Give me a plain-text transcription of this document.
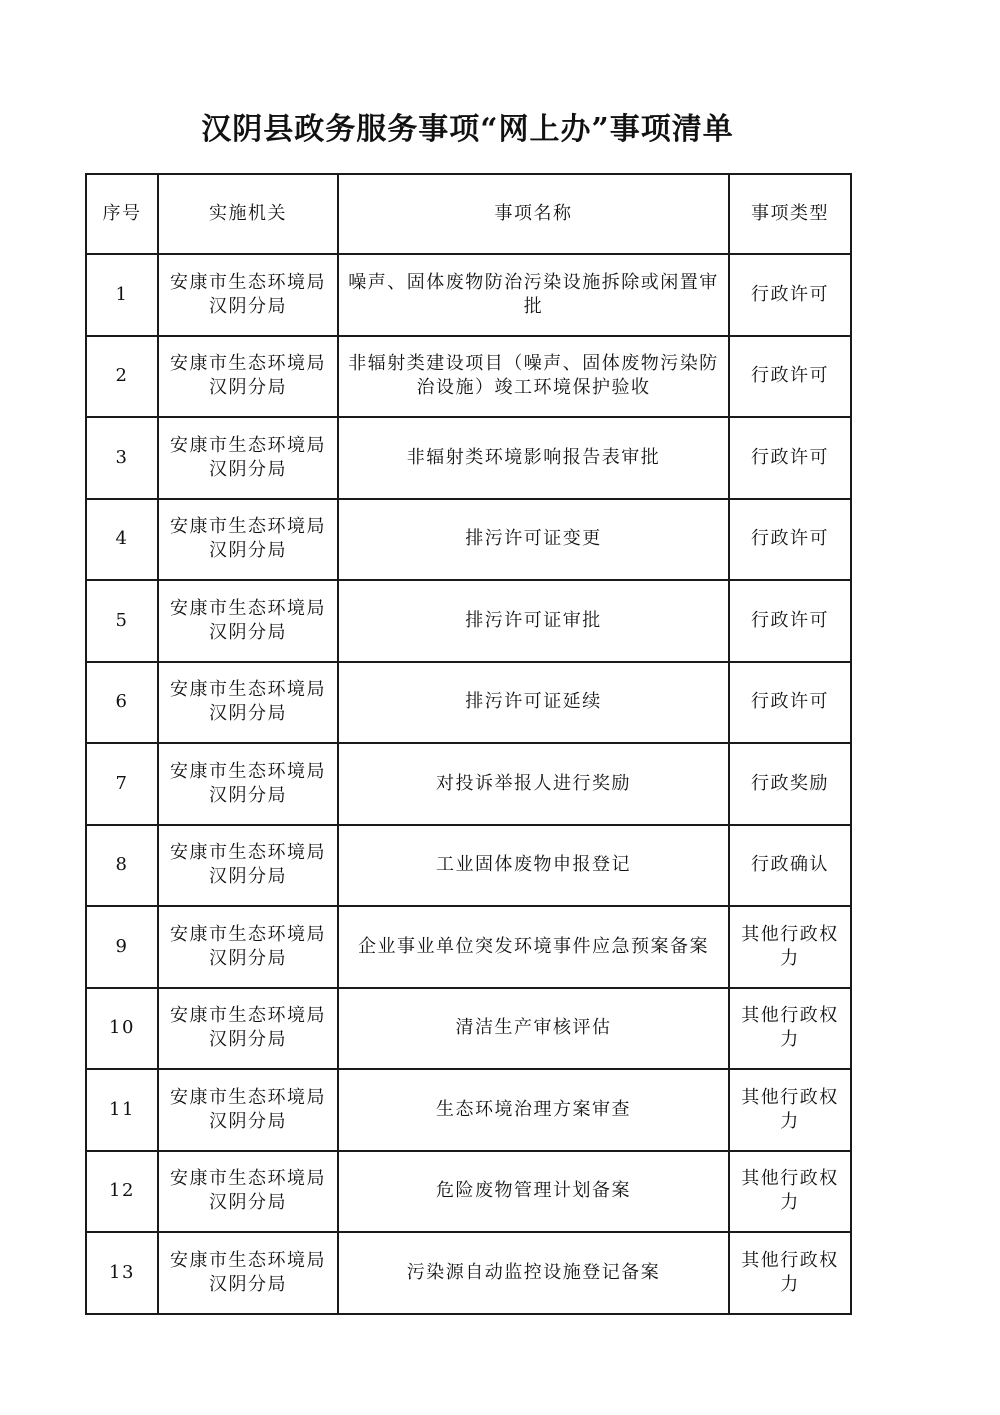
汉阴县政务服务事项“网上办”事项清单
序号	实施机关	事项名称	事项类型
1	安康市生态环境局汉阴分局	噪声、固体废物防治污染设施拆除或闲置审批	行政许可
2	安康市生态环境局汉阴分局	非辐射类建设项目（噪声、固体废物污染防治设施）竣工环境保护验收	行政许可
3	安康市生态环境局汉阴分局	非辐射类环境影响报告表审批	行政许可
4	安康市生态环境局汉阴分局	排污许可证变更	行政许可
5	安康市生态环境局汉阴分局	排污许可证审批	行政许可
6	安康市生态环境局汉阴分局	排污许可证延续	行政许可
7	安康市生态环境局汉阴分局	对投诉举报人进行奖励	行政奖励
8	安康市生态环境局汉阴分局	工业固体废物申报登记	行政确认
9	安康市生态环境局汉阴分局	企业事业单位突发环境事件应急预案备案	其他行政权力
10	安康市生态环境局汉阴分局	清洁生产审核评估	其他行政权力
11	安康市生态环境局汉阴分局	生态环境治理方案审查	其他行政权力
12	安康市生态环境局汉阴分局	危险废物管理计划备案	其他行政权力
13	安康市生态环境局汉阴分局	污染源自动监控设施登记备案	其他行政权力
